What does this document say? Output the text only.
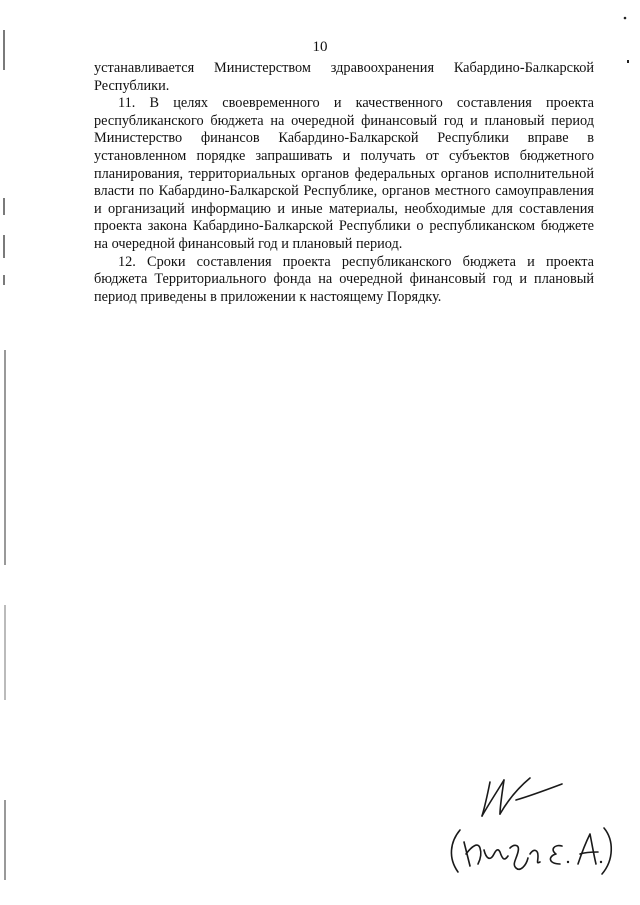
10

устанавливается Министерством здравоохранения Кабардино-Балкарской Республики.

11. В целях своевременного и качественного составления проекта республиканского бюджета на очередной финансовый год и плановый период Министерство финансов Кабардино-Балкарской Республики вправе в установленном порядке запрашивать и получать от субъектов бюджетного планирования, территориальных органов федеральных органов исполнительной власти по Кабардино-Балкарской Республике, органов местного самоуправления и организаций информацию и иные материалы, необходимые для составления проекта закона Кабардино-Балкарской Республики о республиканском бюджете на очередной финансовый год и плановый период.

12. Сроки составления проекта республиканского бюджета и проекта бюджета Территориального фонда на очередной финансовый год и плановый период приведены в приложении к настоящему Порядку.
